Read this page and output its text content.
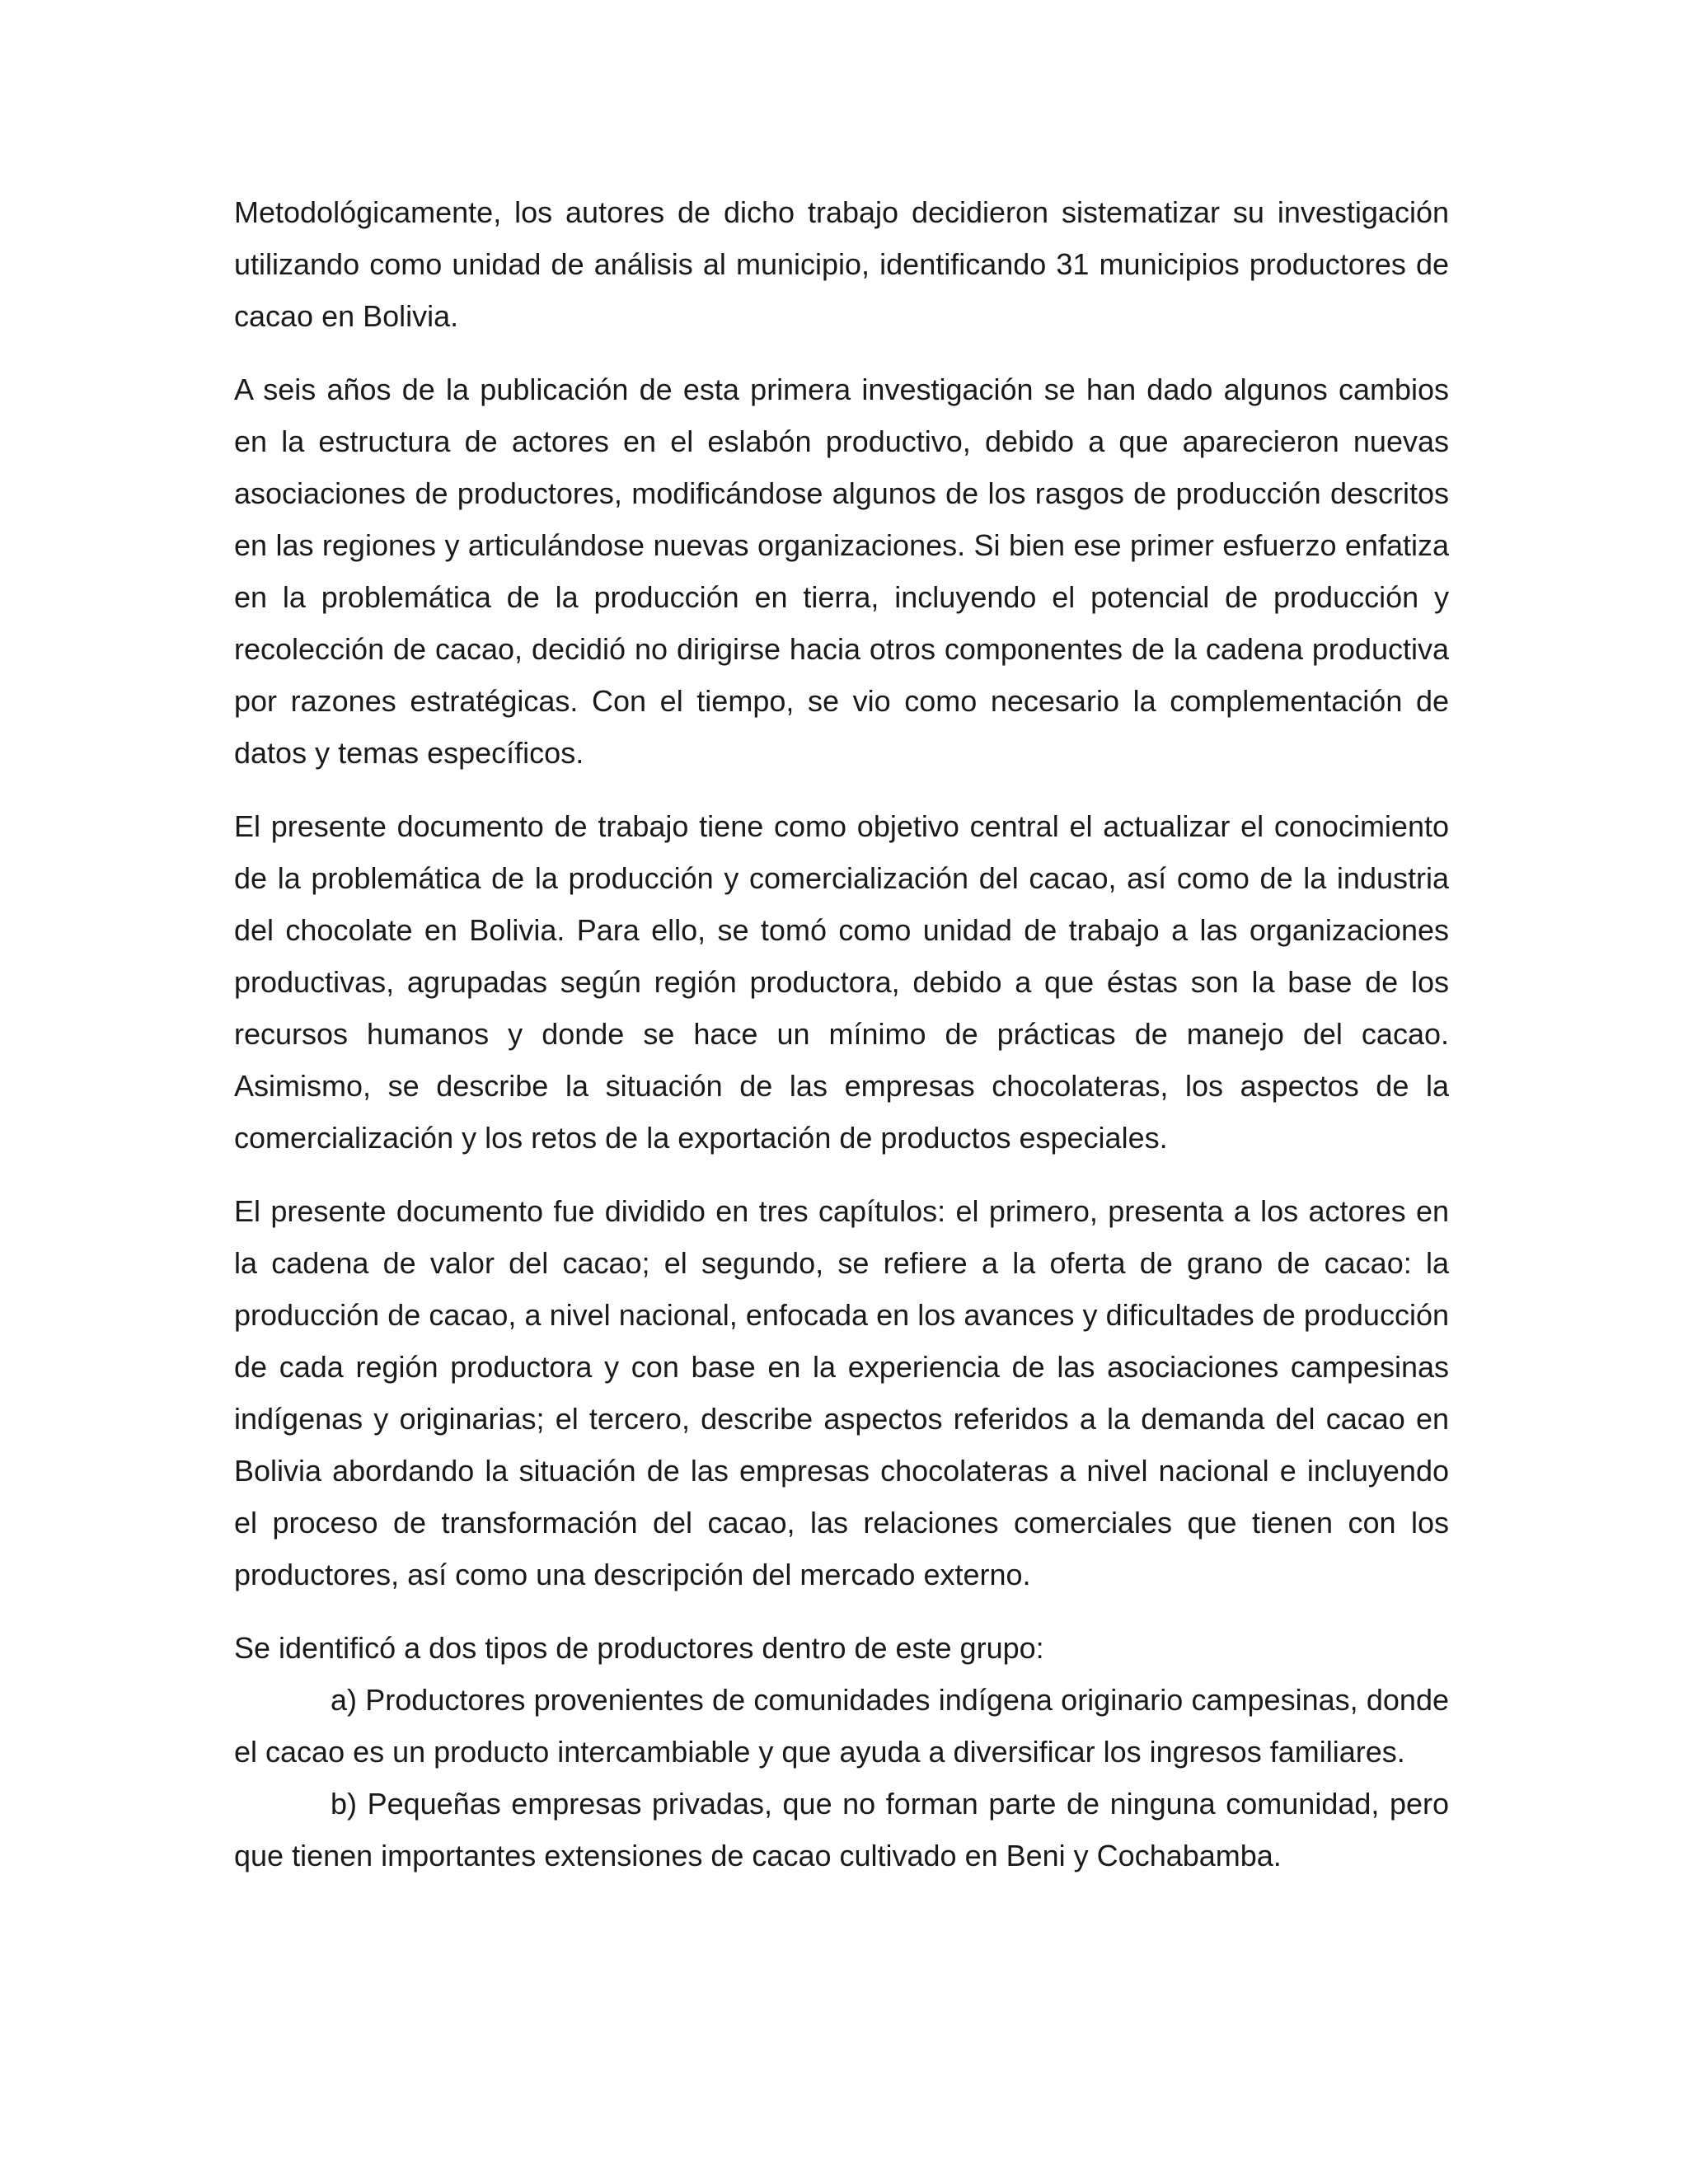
Metodológicamente, los autores de dicho trabajo decidieron sistematizar su investigación utilizando como unidad de análisis al municipio, identificando 31 municipios productores de cacao en Bolivia.

A seis años de la publicación de esta primera investigación se han dado algunos cambios en la estructura de actores en el eslabón productivo, debido a que aparecieron nuevas asociaciones de productores, modificándose algunos de los rasgos de producción descritos en las regiones y articulándose nuevas organizaciones. Si bien ese primer esfuerzo enfatiza en la problemática de la producción en tierra, incluyendo el potencial de producción y recolección de cacao, decidió no dirigirse hacia otros componentes de la cadena productiva por razones estratégicas. Con el tiempo, se vio como necesario la complementación de datos y temas específicos.

El presente documento de trabajo tiene como objetivo central el actualizar el conocimiento de la problemática de la producción y comercialización del cacao, así como de la industria del chocolate en Bolivia. Para ello, se tomó como unidad de trabajo a las organizaciones productivas, agrupadas según región productora, debido a que éstas son la base de los recursos humanos y donde se hace un mínimo de prácticas de manejo del cacao. Asimismo, se describe la situación de las empresas chocolateras, los aspectos de la comercialización y los retos de la exportación de productos especiales.

El presente documento fue dividido en tres capítulos: el primero, presenta a los actores en la cadena de valor del cacao; el segundo, se refiere a la oferta de grano de cacao: la producción de cacao, a nivel nacional, enfocada en los avances y dificultades de producción de cada región productora y con base en la experiencia de las asociaciones campesinas indígenas y originarias; el tercero, describe aspectos referidos a la demanda del cacao en Bolivia abordando la situación de las empresas chocolateras a nivel nacional e incluyendo el proceso de transformación del cacao, las relaciones comerciales que tienen con los productores, así como una descripción del mercado externo.

Se identificó a dos tipos de productores dentro de este grupo:

a) Productores provenientes de comunidades indígena originario campesinas, donde el cacao es un producto intercambiable y que ayuda a diversificar los ingresos familiares.

b) Pequeñas empresas privadas, que no forman parte de ninguna comunidad, pero que tienen importantes extensiones de cacao cultivado en Beni y Cochabamba.
